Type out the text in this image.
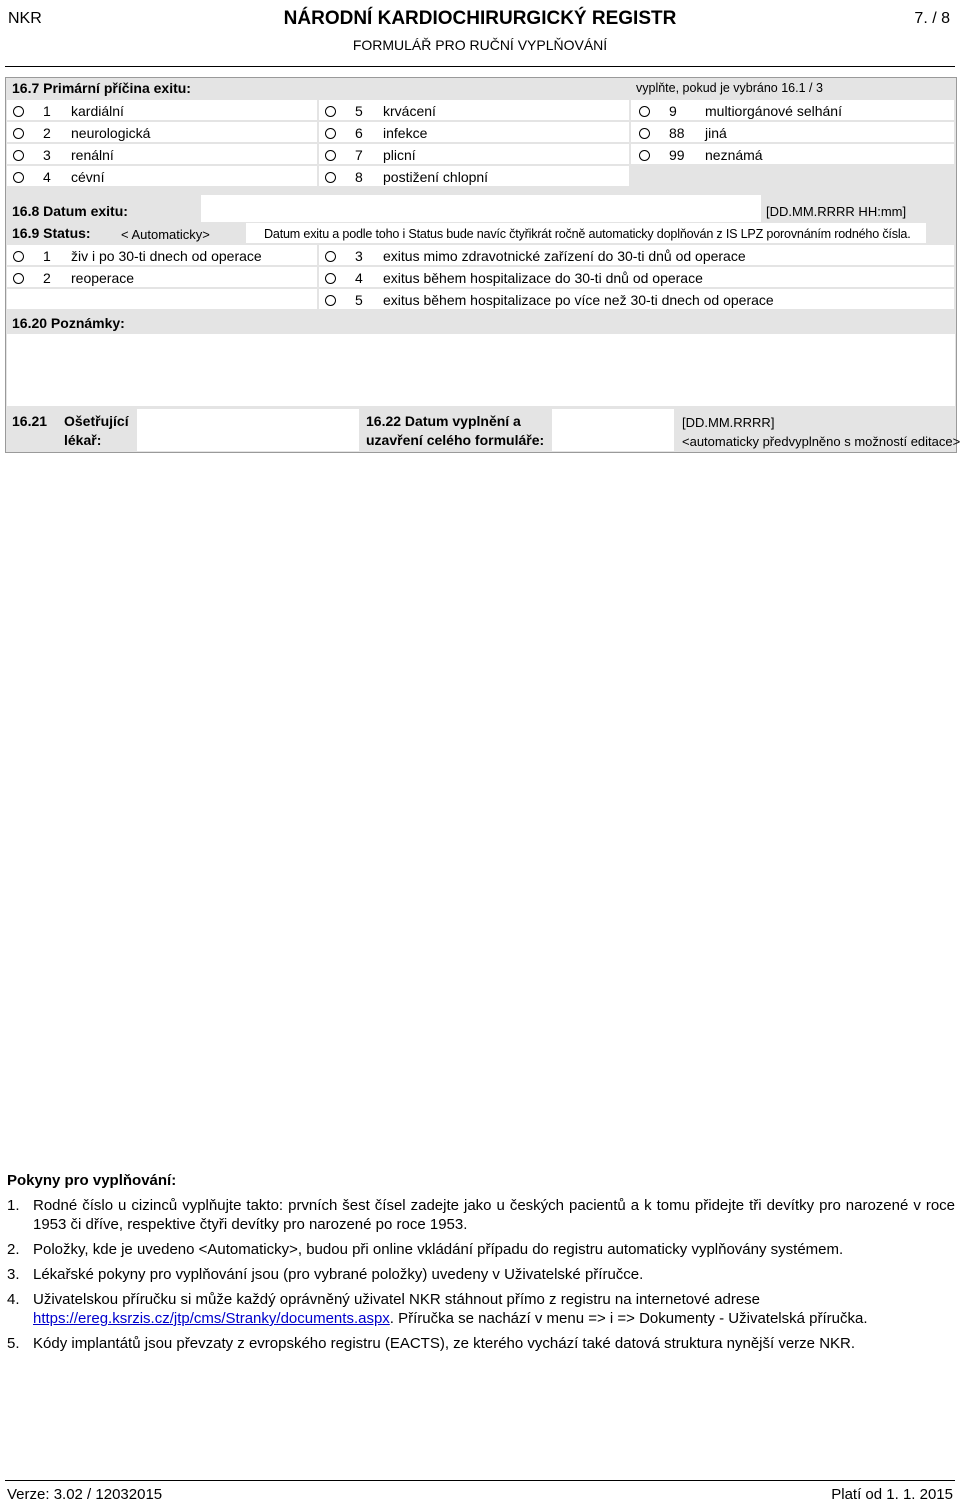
NKR	NÁRODNÍ KARDIOCHIRURGICKÝ REGISTR
FORMULÁŘ PRO RUČNÍ VYPLŇOVÁNÍ
7. / 8
16.7 Primární příčina exitu:	vyplňte, pokud je vybráno 16.1 / 3
1 kardiální
2 neurologická
3 renální
4 cévní
5 krvácení
6 infekce
7 plicní
8 postižení chlopní
9 multiorgánové selhání
88 jiná
99 neznámá
16.8 Datum exitu:	[DD.MM.RRRR HH:mm]
16.9 Status: < Automaticky>	Datum exitu a podle toho i Status bude navíc čtyřikrát ročně automaticky doplňován z IS LPZ porovnáním rodného čísla.
1 živ i po 30-ti dnech od operace
2 reoperace
3 exitus mimo zdravotnické zařízení do 30-ti dnů od operace
4 exitus během hospitalizace do 30-ti dnů od operace
5 exitus během hospitalizace po více než 30-ti dnech od operace
16.20 Poznámky:
16.21 Ošetřující
lékař:
16.22 Datum vyplnění a
uzavření celého formuláře:
[DD.MM.RRRR]
<automaticky předvyplněno s možností editace>
Pokyny pro vyplňování:
1. Rodné číslo u cizinců vyplňujte takto: prvních šest čísel zadejte jako u českých pacientů a k tomu přidejte tři devítky pro narozené v roce 1953 či dříve, respektive čtyři devítky pro narozené po roce 1953.
2. Položky, kde je uvedeno <Automaticky>, budou při online vkládání případu do registru automaticky vyplňovány systémem.
3. Lékařské pokyny pro vyplňování jsou (pro vybrané položky) uvedeny v Uživatelské příručce.
4. Uživatelskou příručku si může každý oprávněný uživatel NKR stáhnout přímo z registru na internetové adrese https://ereg.ksrzis.cz/jtp/cms/Stranky/documents.aspx. Příručka se nachází v menu => i => Dokumenty - Uživatelská příručka.
5. Kódy implantátů jsou převzaty z evropského registru (EACTS), ze kterého vychází také datová struktura nynější verze NKR.
Verze: 3.02 / 12032015	Platí od 1. 1. 2015
